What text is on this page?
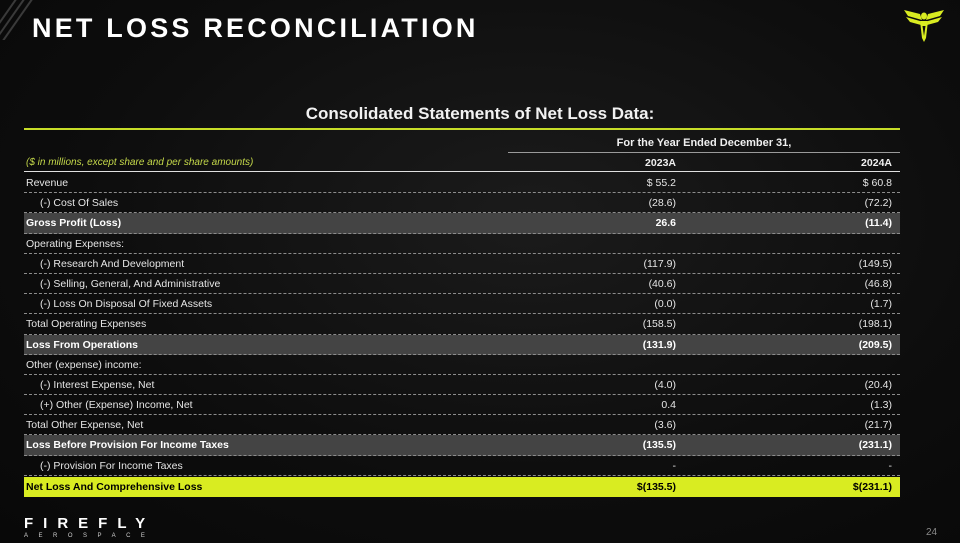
NET LOSS RECONCILIATION
Consolidated Statements of Net Loss Data:
For the Year Ended December 31,
($ in millions, except share and per share amounts)	2023A	2024A
Revenue	$ 55.2	$ 60.8
(-) Cost Of Sales	(28.6)	(72.2)
Gross Profit (Loss)	26.6	(11.4)
Operating Expenses:
(-) Research And Development	(117.9)	(149.5)
(-) Selling, General, And Administrative	(40.6)	(46.8)
(-) Loss On Disposal Of Fixed Assets	(0.0)	(1.7)
Total Operating Expenses	(158.5)	(198.1)
Loss From Operations	(131.9)	(209.5)
Other (expense) income:
(-) Interest Expense, Net	(4.0)	(20.4)
(+) Other (Expense) Income, Net	0.4	(1.3)
Total Other Expense, Net	(3.6)	(21.7)
Loss Before Provision For Income Taxes	(135.5)	(231.1)
(-) Provision For Income Taxes	-	-
Net Loss And Comprehensive Loss	$(135.5)	$(231.1)
FIREFLY
AEROSPACE	24
